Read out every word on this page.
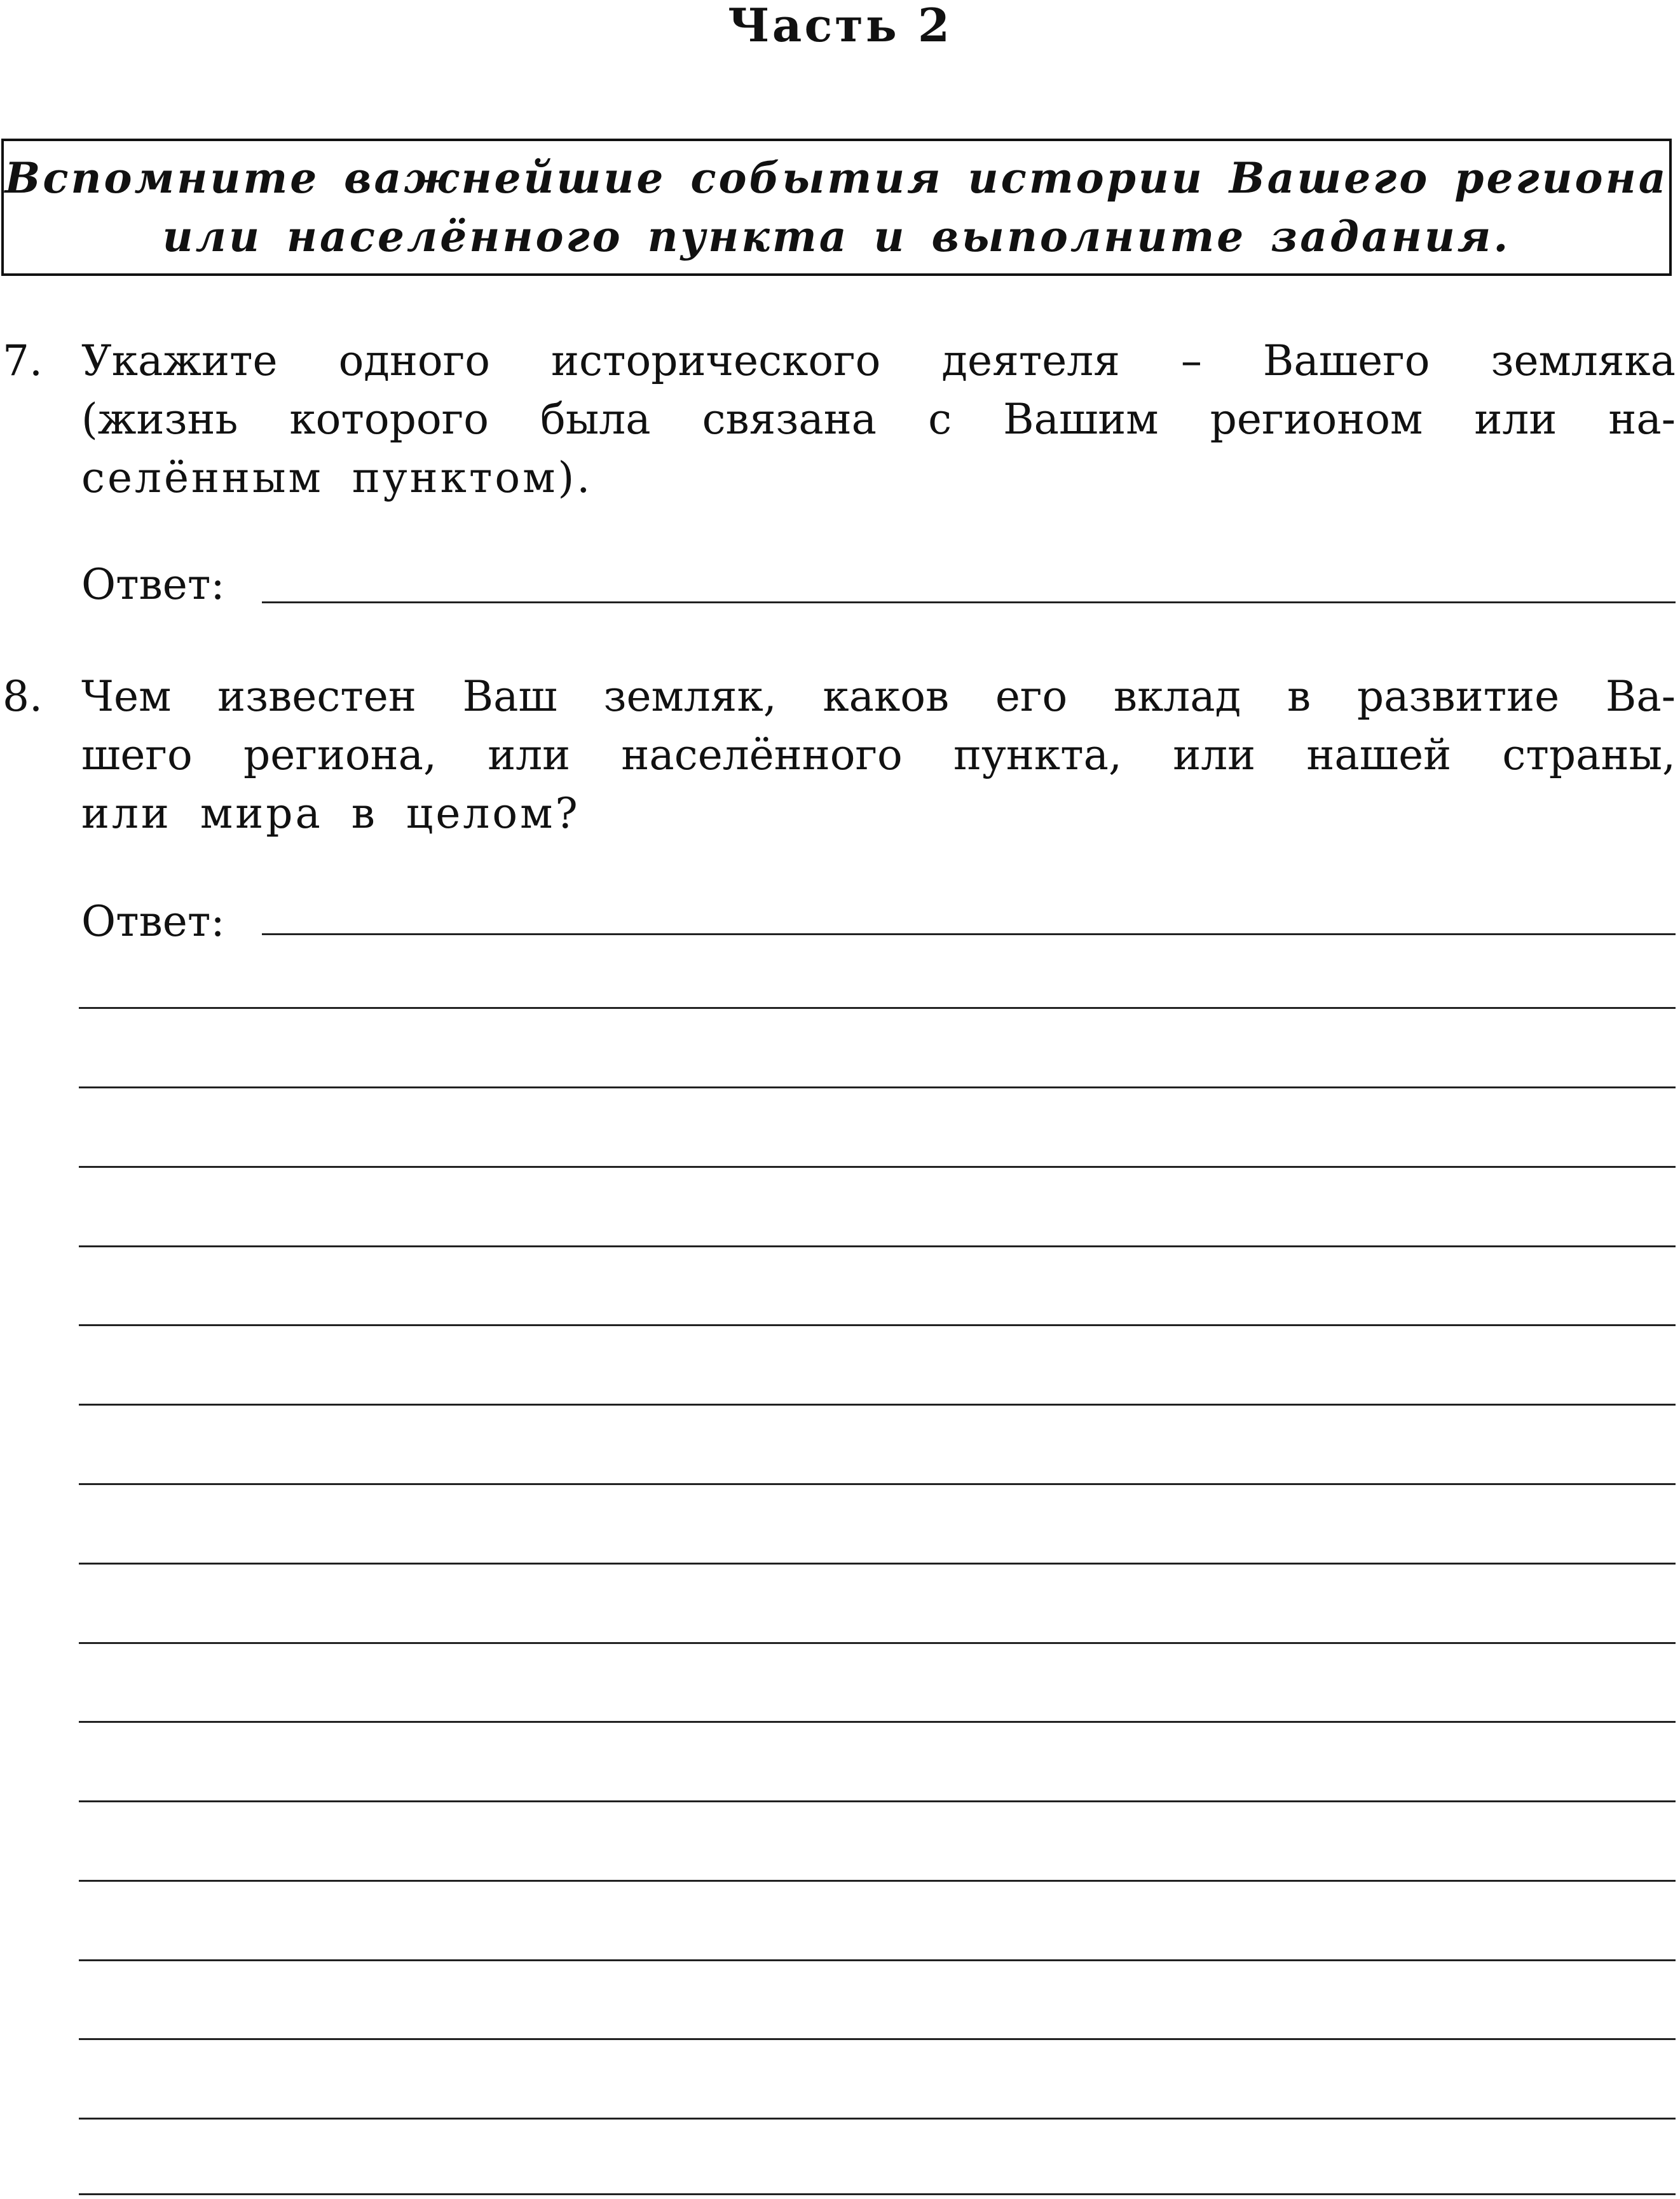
Часть 2
Вспомните важнейшие события истории Вашего региона
или населённого пункта и выполните задания.
7. Укажите одного исторического деятеля – Вашего земляка
(жизнь которого была связана с Вашим регионом или на-
селённым пунктом).
Ответ:
8. Чем известен Ваш земляк, каков его вклад в развитие Ва-
шего региона, или населённого пункта, или нашей страны,
или мира в целом?
Ответ:
